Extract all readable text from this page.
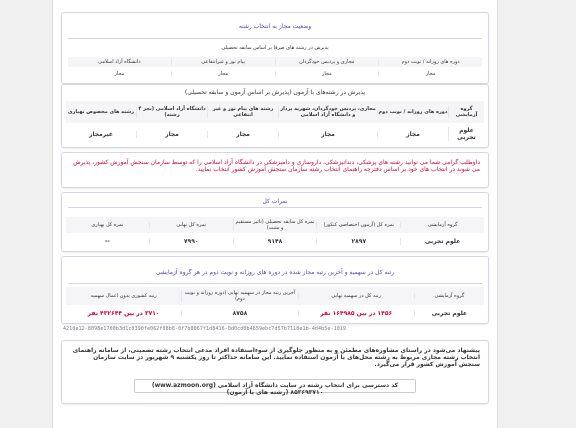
وضعیت مجاز به انتخاب رشته
پذیرش در رشته های صرفا بر اساس سابقه تحصیلی
دوره های روزانه / نوبت دوم
مجازی و پردیس خودگردان
پیام نور و غیرانتفاعی
دانشگاه آزاد اسلامی
مجاز
مجاز
مجاز
مجاز
پذیرش در رشته‌های با آزمون (پذیرش بر اساس آزمون و سابقه تحصیلی)
گروه آزمایشی
دوره های روزانه / نوبت دوم
مجازی، پردیس خودگردان، شهریه پرداز و دانشگاه آزاد اسلامی
رشته های پیام نور و غیر انتفاعی
دانشگاه آزاد اسلامی (بجز ۴ رشته)
رشته های مخصوص بهیاری
علوم تجربی
مجاز
مجاز
مجاز
مجاز
غیرمجاز
داوطلب گرامی شما می توانید رشته های پزشکی، دندانپزشکی، داروسازی و دامپزشکی در دانشگاه آزاد اسلامی را که توسط سازمان سنجش آموزش کشور، پذیرش می شوند در انتخاب های خود بر اساس دفترچه راهنمای انتخاب رشته سازمان سنجش آموزش کشور انتخاب نمایید.
نمرات کل
گروه آزمایشی
نمره کل (آزمون اختصاصی کنکور)
نمره کل سابقه تحصیلی (تاثیر مستقیم و مثبت)
نمره کل نهایی
نمره کل بهیاری
علوم تجربی
۲۸۹۷
۹۱۴۸
۷۹۹۰
--
رتبه کل در سهمیه و آخرین رتبه مجاز شده در دوره های روزانه و نوبت دوم در هر گروه آزمایشی
گروه آزمایشی
رتبه کل در سهمیه نهایی
آخرین رتبه مجاز در سهمیه نهایی (دوره روزانه و نوبت دوم)
رتبه کشوری بدون اعمال سهمیه
علوم تجربی
۱۴۵۶ در بین ۱۶۴۹۸۵ نفر
۸۷۵۸
۳۷۱۰ در بین ۴۳۲۶۴۴ نفر
4210e12-8098e1700b3d1c0390fe062f08b8-0f7b0067f1d8416-0d0cd0b4659ebc7d57b7118e1b-4d4b5e-1019
پیشنهاد می‌شود در راستای مشاوره‌های مطمئن و به منظور جلوگیری از سوءاستفاده افراد مدعی انتخاب رشته تضمینی، از سامانه راهنمای انتخاب رشته مجازی مربوط به رشته محل‌های با آزمون استفاده نمایید. این سامانه حداکثر تا روز یکشنبه ۹ شهریور در سایت سازمان سنجش آموزش کشور قرار می‌گیرد.
کد دسترسی برای انتخاب رشته در سایت دانشگاه آزاد اسلامی (www.azmoon.org) ۸۵۳۶۹۳۷۱۰ (رشته های با آزمون)
